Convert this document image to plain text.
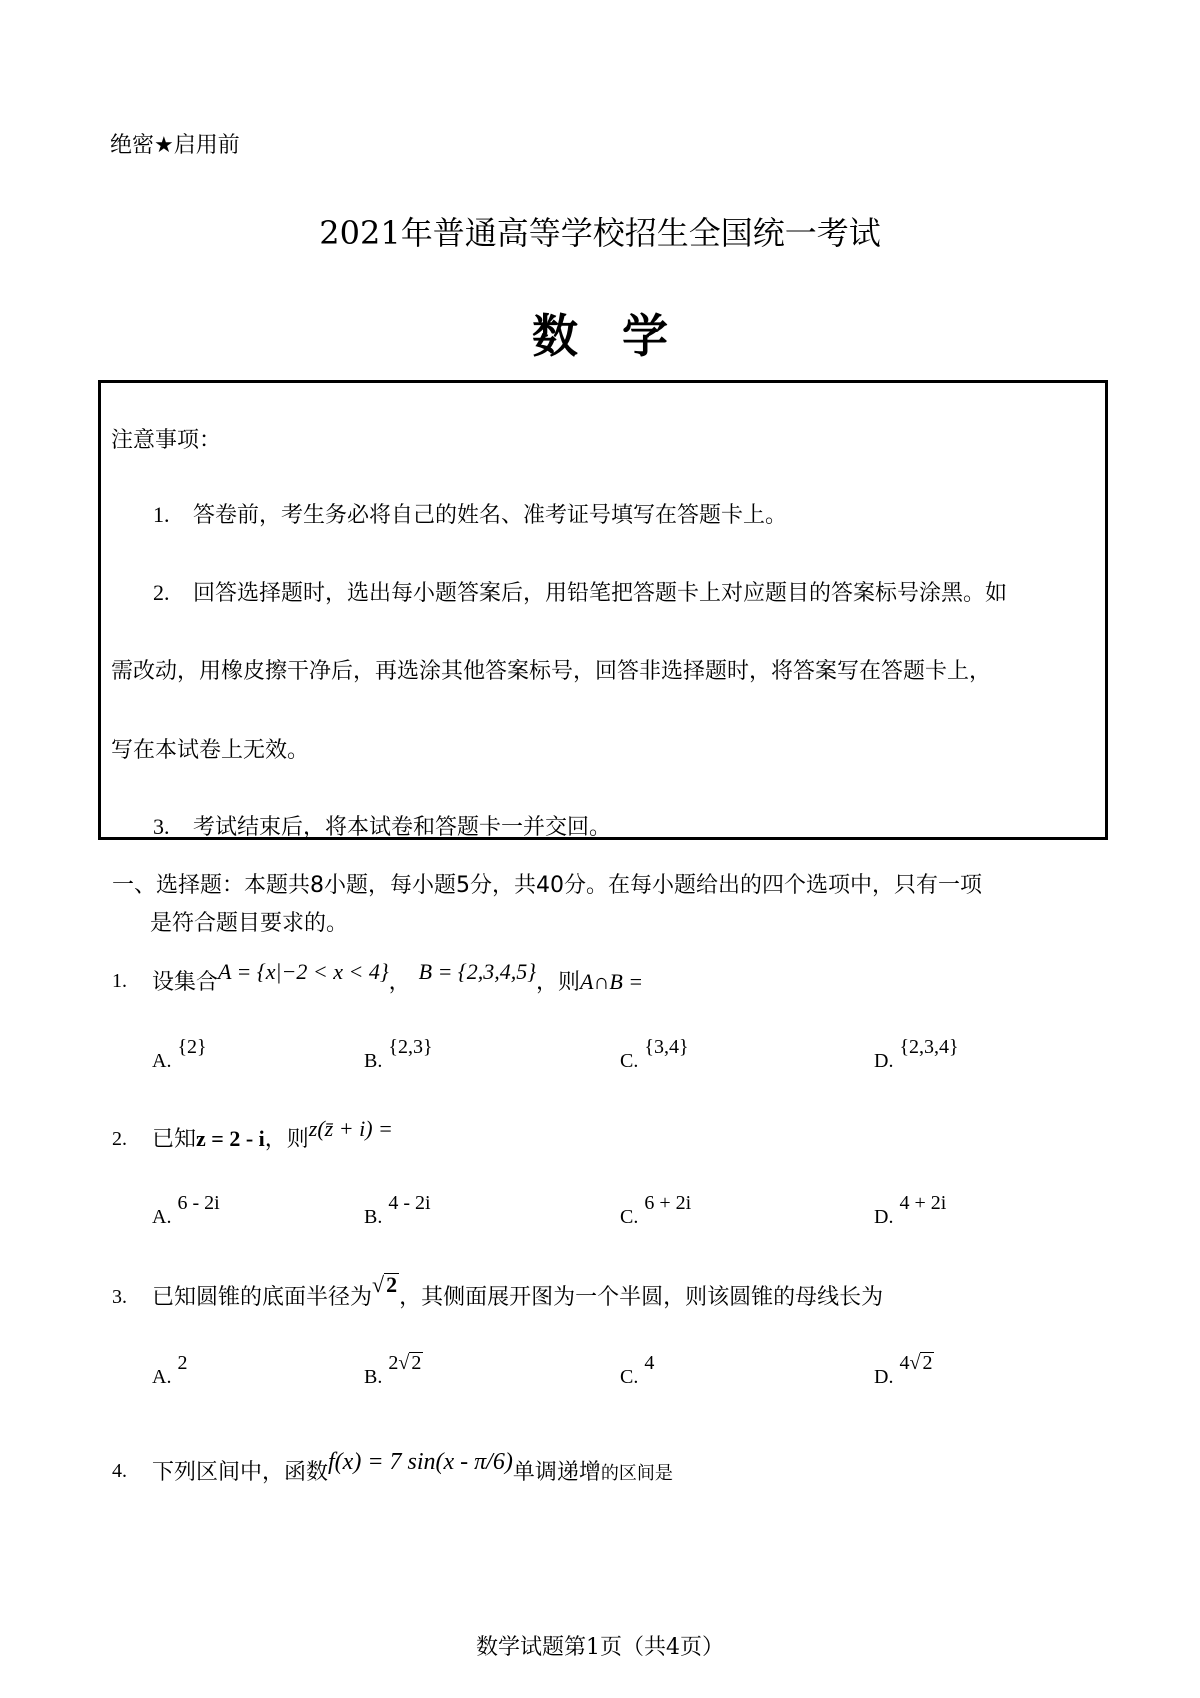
绝密★启用前
2021年普通高等学校招生全国统一考试
数学
注意事项：
1. 答卷前，考生务必将自己的姓名、准考证号填写在答题卡上。
2. 回答选择题时，选出每小题答案后，用铅笔把答题卡上对应题目的答案标号涂黑。如
需改动，用橡皮擦干净后，再选涂其他答案标号，回答非选择题时，将答案写在答题卡上，
写在本试卷上无效。
3. 考试结束后，将本试卷和答题卡一并交回。
一、选择题：本题共8小题，每小题5分，共40分。在每小题给出的四个选项中，只有一项
是符合题目要求的。
1. 设集合A = {x|−2 < x < 4}， B = {2,3,4,5}，则A∩B =
A.{2}
B.{2,3}
C.{3,4}
D.{2,3,4}
2. 已知z = 2 - i，则z(z̄ + i) =
A.6 - 2i
B.4 - 2i
C.6 + 2i
D.4 + 2i
3. 已知圆锥的底面半径为√2，其侧面展开图为一个半圆，则该圆锥的母线长为
A.2
B.2√ 2
C.4
D.4√ 2
4. 下列区间中，函数f(x) = 7 sin(x - π/6)单调递增的区间是
数学试题第1页（共4页）
